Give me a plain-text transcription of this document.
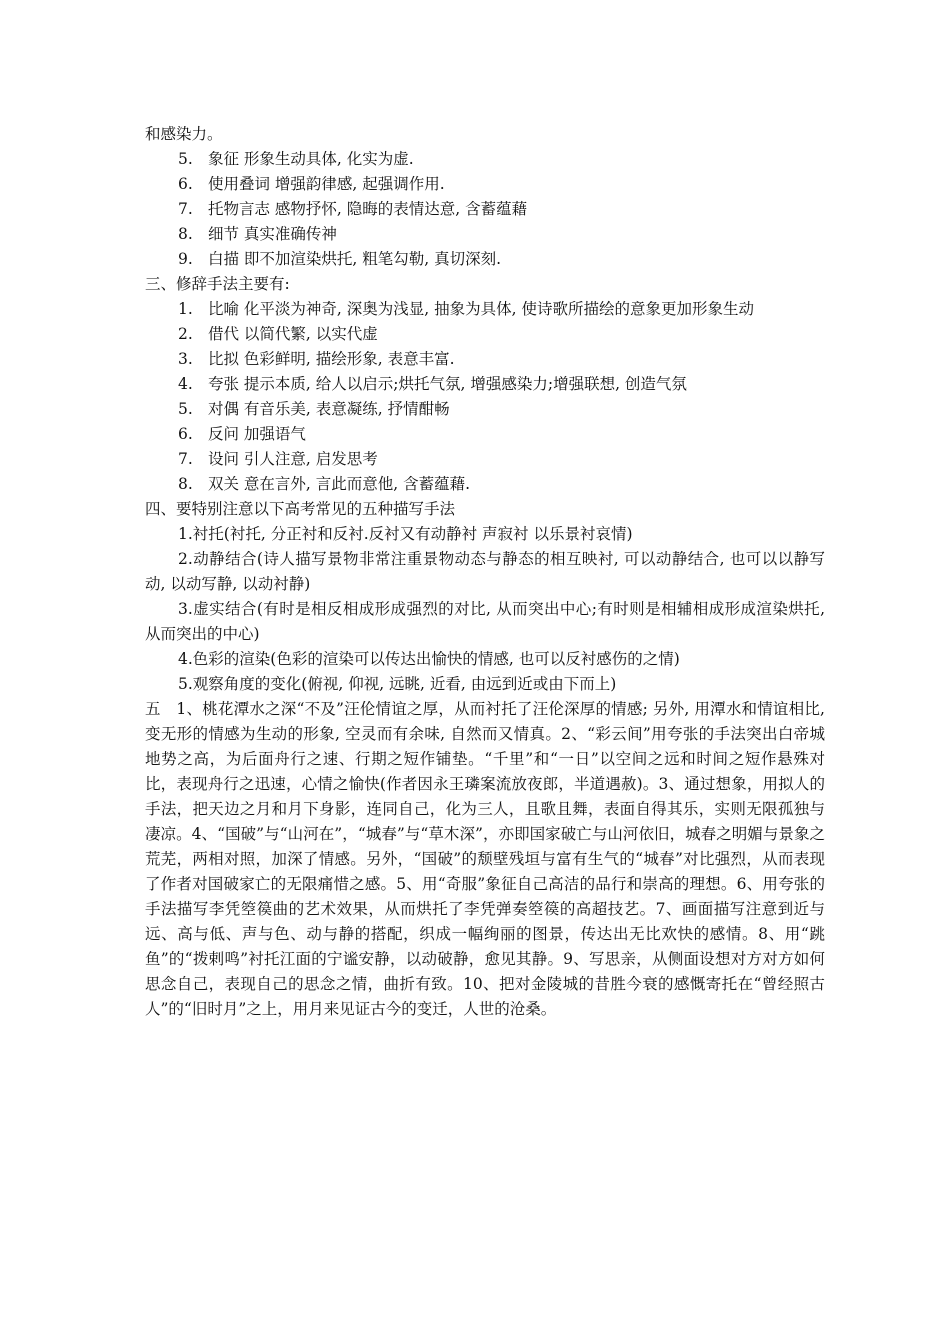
和感染力。
5. 象征 形象生动具体, 化实为虚.
6. 使用叠词 增强韵律感, 起强调作用.
7. 托物言志 感物抒怀, 隐晦的表情达意, 含蓄蕴藉
8. 细节 真实准确传神
9. 白描 即不加渲染烘托, 粗笔勾勒, 真切深刻.
三、修辞手法主要有:
1. 比喻 化平淡为神奇, 深奥为浅显, 抽象为具体, 使诗歌所描绘的意象更加形象生动
2. 借代 以简代繁, 以实代虚
3. 比拟 色彩鲜明, 描绘形象, 表意丰富.
4. 夸张 提示本质, 给人以启示;烘托气氛, 增强感染力;增强联想, 创造气氛
5. 对偶 有音乐美, 表意凝练, 抒情酣畅
6. 反问 加强语气
7. 设问 引人注意, 启发思考
8. 双关 意在言外, 言此而意他, 含蓄蕴藉.
四、要特别注意以下高考常见的五种描写手法
1.衬托(衬托, 分正衬和反衬.反衬又有动静衬 声寂衬 以乐景衬哀情)
2.动静结合(诗人描写景物非常注重景物动态与静态的相互映衬, 可以动静结合, 也可以以静写动, 以动写静, 以动衬静)
3.虚实结合(有时是相反相成形成强烈的对比, 从而突出中心;有时则是相辅相成形成渲染烘托, 从而突出的中心)
4.色彩的渲染(色彩的渲染可以传达出愉快的情感, 也可以反衬感伤的之情)
5.观察角度的变化(俯视, 仰视, 远眺, 近看, 由远到近或由下而上)
五　1、桃花潭水之深“不及”汪伦情谊之厚，从而衬托了汪伦深厚的情感; 另外, 用潭水和情谊相比, 变无形的情感为生动的形象, 空灵而有余味, 自然而又情真。2、“彩云间”用夸张的手法突出白帝城地势之高，为后面舟行之速、行期之短作铺垫。“千里”和“一日”以空间之远和时间之短作悬殊对比，表现舟行之迅速，心情之愉快(作者因永王璘案流放夜郎，半道遇赦)。3、通过想象，用拟人的手法，把天边之月和月下身影，连同自己，化为三人，且歌且舞，表面自得其乐，实则无限孤独与凄凉。4、“国破”与“山河在”，“城春”与“草木深”，亦即国家破亡与山河依旧，城春之明媚与景象之荒芜，两相对照，加深了情感。另外，“国破”的颓壁残垣与富有生气的“城春”对比强烈，从而表现了作者对国破家亡的无限痛惜之感。5、用“奇服”象征自己高洁的品行和崇高的理想。6、用夸张的手法描写李凭箜篌曲的艺术效果，从而烘托了李凭弹奏箜篌的高超技艺。7、画面描写注意到近与远、高与低、声与色、动与静的搭配，织成一幅绚丽的图景，传达出无比欢快的感情。8、用“跳鱼”的“拨剌鸣”衬托江面的宁谧安静，以动破静，愈见其静。9、写思亲，从侧面设想对方对方如何思念自己，表现自己的思念之情，曲折有致。10、把对金陵城的昔胜今衰的感慨寄托在“曾经照古人”的“旧时月”之上，用月来见证古今的变迁，人世的沧桑。
